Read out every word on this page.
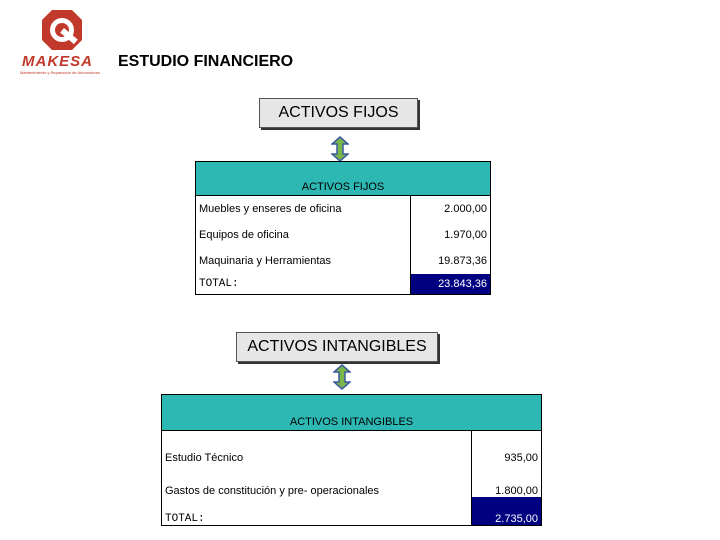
MAKESA
Mantenimiento y Reparación de Automotores
ESTUDIO FINANCIERO
ACTIVOS FIJOS
ACTIVOS FIJOS	
Muebles y enseres de oficina	2.000,00
Equipos de oficina	1.970,00
Maquinaria y Herramientas	19.873,36
TOTAL:	23.843,36
ACTIVOS INTANGIBLES
ACTIVOS INTANGIBLES	
Estudio Técnico	935,00
Gastos de constitución y pre- operacionales	1.800,00
TOTAL:	2.735,00
